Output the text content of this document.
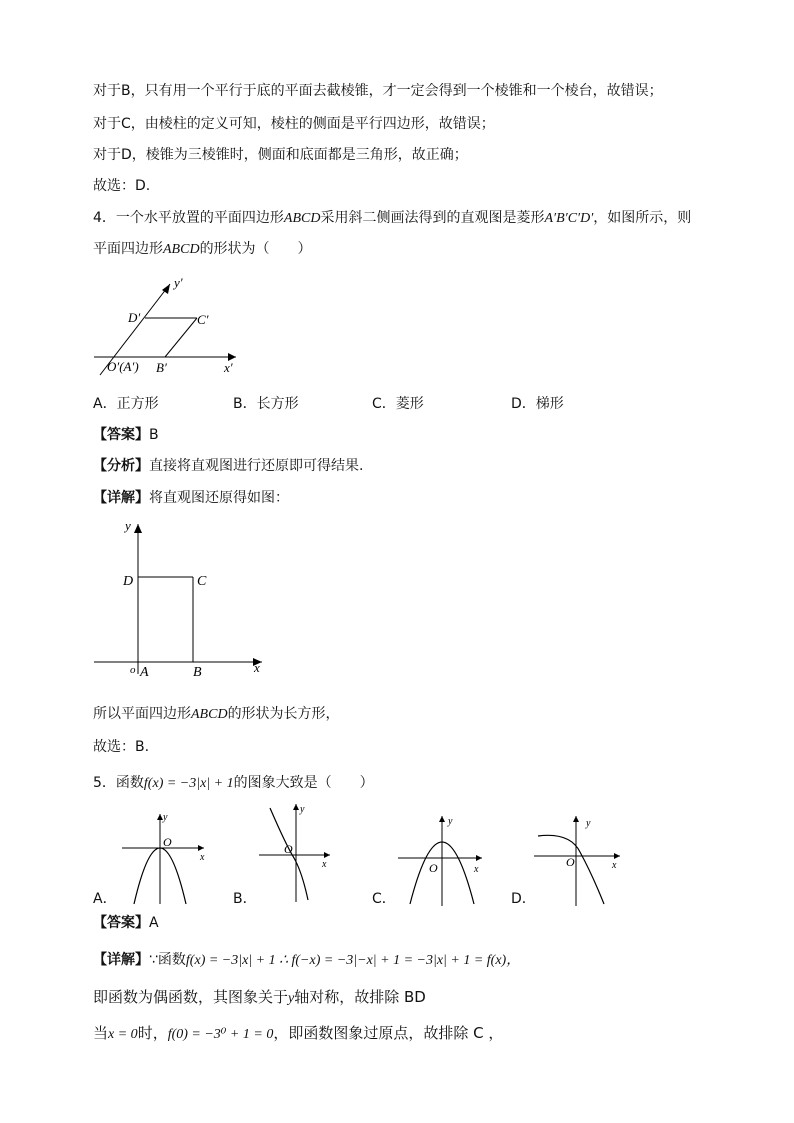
对于B，只有用一个平行于底的平面去截棱锥，才一定会得到一个棱锥和一个棱台，故错误；
对于C，由棱柱的定义可知，棱柱的侧面是平行四边形，故错误；
对于D，棱锥为三棱锥时，侧面和底面都是三角形，故正确；
故选：D.
4．一个水平放置的平面四边形ABCD采用斜二侧画法得到的直观图是菱形A′B′C′D′，如图所示，则
平面四边形ABCD的形状为（　　）
y′
x′
D′	C′
O′(A′) B′
A．正方形	B．长方形	C．菱形	D．梯形
【答案】B
【分析】直接将直观图进行还原即可得结果.
【详解】将直观图还原得如图：
y
x
D	C
o A	B
所以平面四边形ABCD的形状为长方形，
故选：B.
5．函数f(x) = −3|x| + 1的图象大致是（　　）
y
x
O
y
x
O
y
x
O
y
x
O
A．	B．	C．	D．
【答案】A
【详解】∵函数f(x) = −3|x| + 1 ∴ f(−x) = −3|−x| + 1 = −3|x| + 1 = f(x)，
即函数为偶函数，其图象关于y轴对称，故排除 BD
当x = 0时，f(0) = −3⁰ + 1 = 0，即函数图象过原点，故排除 C ，
